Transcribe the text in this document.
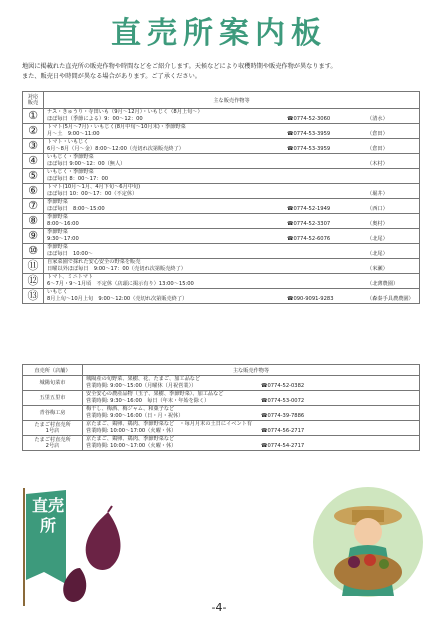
直売所案内板
地図に掲載れた直売所の販売作物や時間などをご紹介します。天候などにより収穫時期や販売作物が異なります。
また、販売日や時間が異なる場合があります。ご了承ください。
対応
販売	主な販売作物等
①	ナス・きゅうり・寺田いも（9月～12月）・いもじく（8月上旬～）
ほぼ毎日（季節による）9：00～12：00 ☎0774-52-3060 （清水）

②	トマト(5月～7月)・いもじく(8月中旬～10月末)・季節野菜
月～土　9:00～11:00 ☎0774-53-3959 （倉田）

③	トマト・いもじく
6月～8月（月～金）8:00～12:00（売切れ次第販売終了） ☎0774-53-3959 （倉田）

④	いもじく・季節野菜
ほぼ毎日 9:00～12：00（無人） （木村）

⑤	いもじく・季節野菜
ほぼ毎日 8：00～17：00

⑥	トマト(10月～1月、4月下旬～6月中旬)
ほぼ毎日 10：00～17：00（不定休） （堀井）

⑦	季節野菜
ほぼ毎日　8:00～15:00 ☎0774-52-1949 （西口）

⑧	季節野菜
8:00～16:00 ☎0774-52-3307 （奥村）

⑨	季節野菜
9:30～17:00 ☎0774-52-6076 （北尾）

⑩	季節野菜
ほぼ毎日　10:00～ （北尾）

⑪	自家菜園で採れた安心安全の野菜を販売
日曜以外ほぼ毎日　9:00～17：00（売切れ次第販売終了） （米瀬）

⑫	トマト、ミニトマト
6～7月・9～1月頃　不定休（店頭に掲示有り）13:00～15:00 （北薄農園）

⑬	いもじく
8月上旬～10月上旬　9:00～12:00（売切れ次第販売終了） ☎090-9091-9283 （森秦手具農農園）
直売所（店舗）	主な販売作物等
城陽旬菜市	城陽産の旬野菜、果樹、花、たまご、加工品など
営業時間: 9:00～15:00（月曜休（月祝営業）） ☎0774-52-0382

五里五里市	安全安心の農産品物（玉子、果樹、季節野菜）、加工品など
営業時間: 9:30～16:00　毎日（年末・年始を除く） ☎0774-53-0072

青谷梅工房	梅干し、梅酒、梅ジャム、和菓子など
営業時間: 9:00～16:00（日・月・祝休） ☎0774-39-7886

たまご村直売所
1号店	京たまご、鶏卵、鶏肉、季節野菜など　・毎月月末の土日にイベント有
営業時間: 10:00～17:00（火曜・休） ☎0774-56-2717

たまご村直売所
2号店	京たまご、鶏卵、鶏肉、季節野菜など
営業時間: 10:00～17:00（火曜・休） ☎0774-54-2717
直売所
-4-
